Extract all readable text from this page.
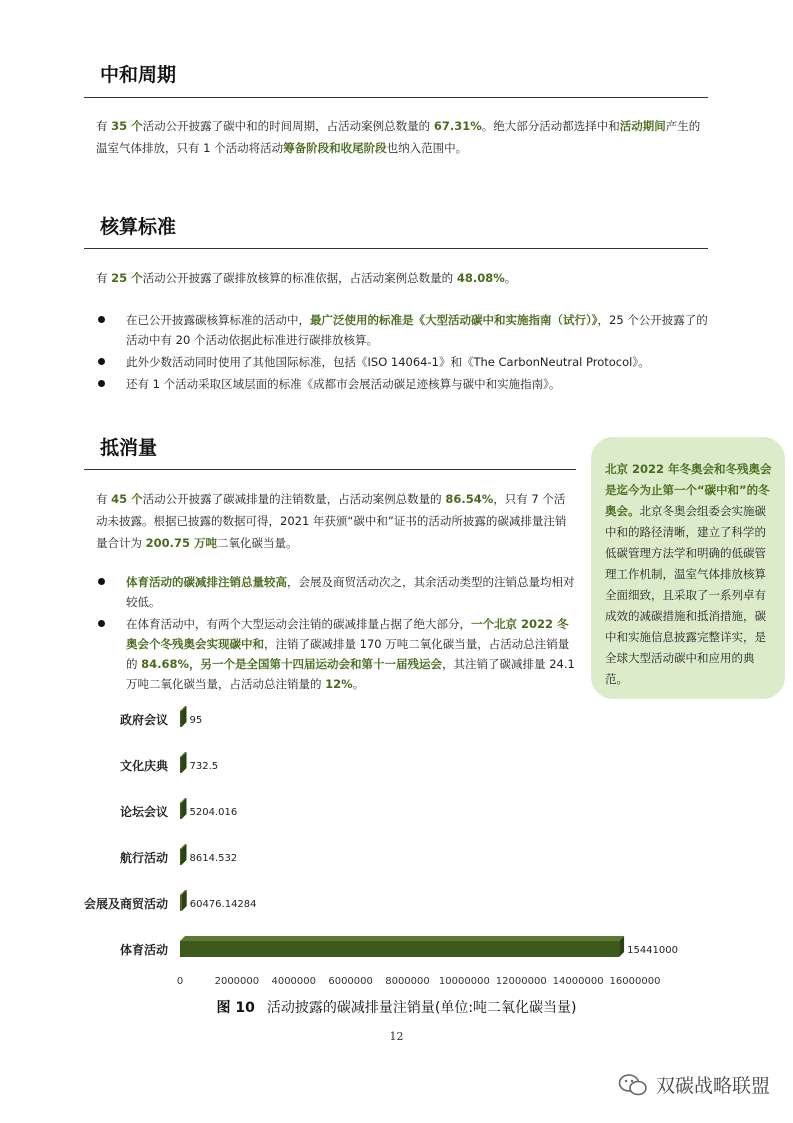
中和周期

有 35 个活动公开披露了碳中和的时间周期，占活动案例总数量的 67.31%。绝大部分活动都选择中和活动期间产生的温室气体排放，只有 1 个活动将活动筹备阶段和收尾阶段也纳入范围中。

核算标准

有 25 个活动公开披露了碳排放核算的标准依据，占活动案例总数量的 48.08%。

在已公开披露碳核算标准的活动中，最广泛使用的标准是《大型活动碳中和实施指南（试行）》，25 个公开披露了的活动中有 20 个活动依据此标准进行碳排放核算。
此外少数活动同时使用了其他国际标准，包括《ISO 14064-1》和《The CarbonNeutral Protocol》。
还有 1 个活动采取区域层面的标准《成都市会展活动碳足迹核算与碳中和实施指南》。
抵消量

有 45 个活动公开披露了碳减排量的注销数量，占活动案例总数量的 86.54%，只有 7 个活动未披露。根据已披露的数据可得，2021 年获颁“碳中和”证书的活动所披露的碳减排量注销量合计为 200.75 万吨二氧化碳当量。

体育活动的碳减排注销总量较高，会展及商贸活动次之，其余活动类型的注销总量均相对较低。
在体育活动中，有两个大型运动会注销的碳减排量占据了绝大部分，一个北京 2022 冬奥会个冬残奥会实现碳中和，注销了碳减排量 170 万吨二氧化碳当量，占活动总注销量的 84.68%，另一个是全国第十四届运动会和第十一届残运会，其注销了碳减排量 24.1 万吨二氧化碳当量，占活动总注销量的 12%。
北京 2022 年冬奥会和冬残奥会是迄今为止第一个“碳中和”的冬奥会。北京冬奥会组委会实施碳中和的路径清晰，建立了科学的低碳管理方法学和明确的低碳管理工作机制，温室气体排放核算全面细致，且采取了一系列卓有成效的减碳措施和抵消措施，碳中和实施信息披露完整详实，是全球大型活动碳中和应用的典范。
政府会议 95
文化庆典 732.5
论坛会议 5204.016
航行活动 8614.532
会展及商贸活动 60476.14284
体育活动	15441000
0	2000000 4000000 6000000 8000000 10000000 12000000 14000000 16000000
图 10 活动披露的碳减排量注销量(单位:吨二氧化碳当量)
12
双碳战略联盟
